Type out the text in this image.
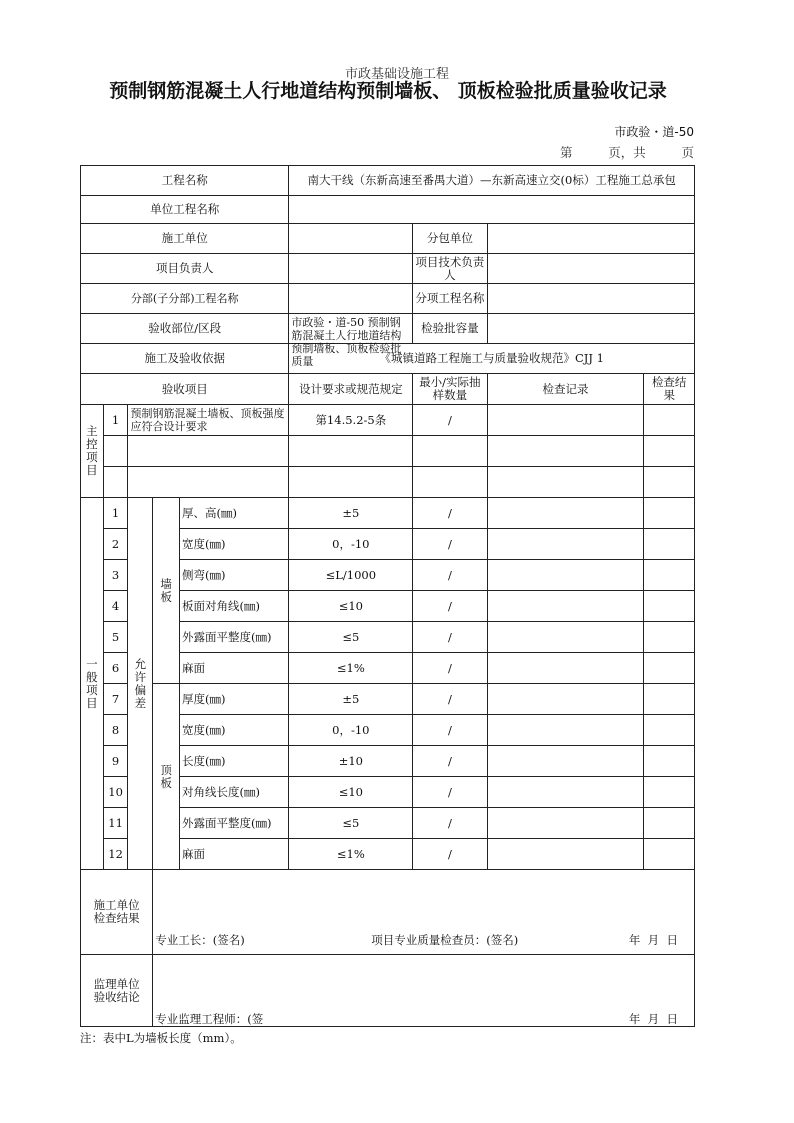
市政基础设施工程
预制钢筋混凝土人行地道结构预制墙板、 顶板检验批质量验收记录
市政验・道-50
第	页，共	页

工程名称					南大干线（东新高速至番禺大道）—东新高速立交(0标）工程施工总承包				
单位工程名称									
施工单位							分包单位		
项目负责人							项目技术负责人		
分部(子分部)工程名称							分项工程名称		
验收部位/区段					市政验・道-50 预制钢筋混凝土人行地道结构预制墙板、顶板检验批质量		检验批容量		
施工及验收依据					《城镇道路工程施工与质量验收规范》CJJ 1				
验收项目					设计要求或规范规定		最小/实际抽样数量	检查记录	检查结果

主控项目	1	预制钢筋混凝土墙板、顶板强度应符合设计要求			第14.5.2-5条		/		

一般项目	1	允许偏差	墙板	厚、高(㎜)	±5		/		
	2			宽度(㎜)	0，-10		/		
	3			侧弯(㎜)	≤L/1000		/		
	4			板面对角线(㎜)	≤10		/		
	5			外露面平整度(㎜)	≤5		/		
	6			麻面	≤1%		/		
	7		顶板	厚度(㎜)	±5		/		
	8			宽度(㎜)	0，-10		/		
	9			长度(㎜)	±10		/		
	10			对角线长度(㎜)	≤10		/		
	11			外露面平整度(㎜)	≤5		/		
	12			麻面	≤1%		/		

施工单位检查结果			专业工长：(签名) 项目专业质量检查员：(签名) 年  月  日						

监理单位验收结论			专业监理工程师：(签 年  月  日						
注：表中L为墙板长度（mm）。
